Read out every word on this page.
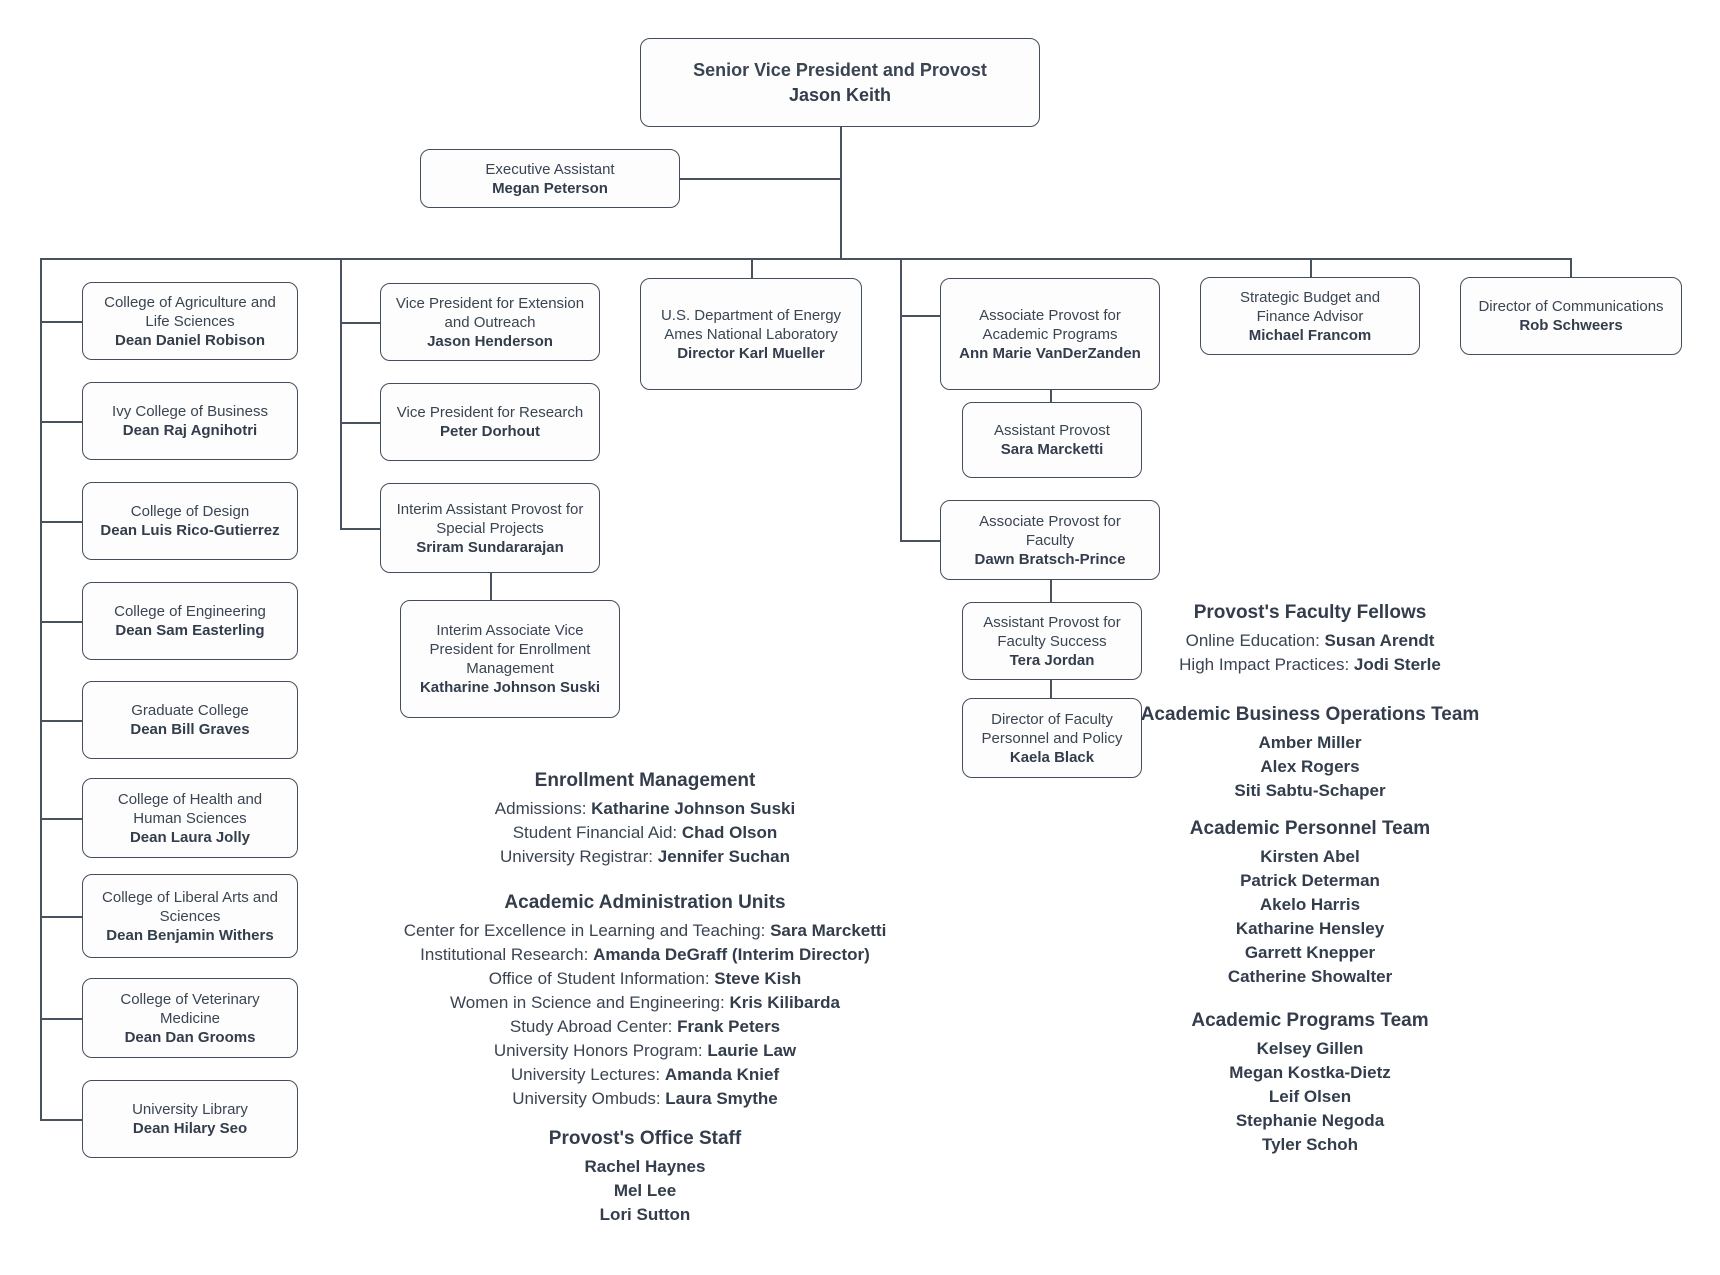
Senior Vice President and Provost
Jason Keith
Executive Assistant
Megan Peterson
College of Agriculture and Life Sciences
Dean Daniel Robison
Ivy College of Business
Dean Raj Agnihotri
College of Design
Dean Luis Rico-Gutierrez
College of Engineering
Dean Sam Easterling
Graduate College
Dean Bill Graves
College of Health and Human Sciences
Dean Laura Jolly
College of Liberal Arts and Sciences
Dean Benjamin Withers
College of Veterinary Medicine
Dean Dan Grooms
University Library
Dean Hilary Seo
Vice President for Extension and Outreach
Jason Henderson
Vice President for Research
Peter Dorhout
Interim Assistant Provost for Special Projects
Sriram Sundararajan
Interim Associate Vice President for Enrollment Management
Katharine Johnson Suski
U.S. Department of Energy Ames National Laboratory
Director Karl Mueller
Associate Provost for Academic Programs
Ann Marie VanDerZanden
Assistant Provost
Sara Marcketti
Associate Provost for Faculty
Dawn Bratsch-Prince
Assistant Provost for Faculty Success
Tera Jordan
Director of Faculty Personnel and Policy
Kaela Black
Strategic Budget and Finance Advisor
Michael Francom
Director of Communications
Rob Schweers
Enrollment Management
Admissions: Katharine Johnson Suski
Student Financial Aid: Chad Olson
University Registrar: Jennifer Suchan
Academic Administration Units
Center for Excellence in Learning and Teaching: Sara Marcketti
Institutional Research: Amanda DeGraff (Interim Director)
Office of Student Information: Steve Kish
Women in Science and Engineering: Kris Kilibarda
Study Abroad Center: Frank Peters
University Honors Program: Laurie Law
University Lectures: Amanda Knief
University Ombuds: Laura Smythe
Provost's Office Staff
Rachel Haynes
Mel Lee
Lori Sutton
Provost's Faculty Fellows
Online Education: Susan Arendt
High Impact Practices: Jodi Sterle
Academic Business Operations Team
Amber Miller
Alex Rogers
Siti Sabtu-Schaper
Academic Personnel Team
Kirsten Abel
Patrick Determan
Akelo Harris
Katharine Hensley
Garrett Knepper
Catherine Showalter
Academic Programs Team
Kelsey Gillen
Megan Kostka-Dietz
Leif Olsen
Stephanie Negoda
Tyler Schoh
